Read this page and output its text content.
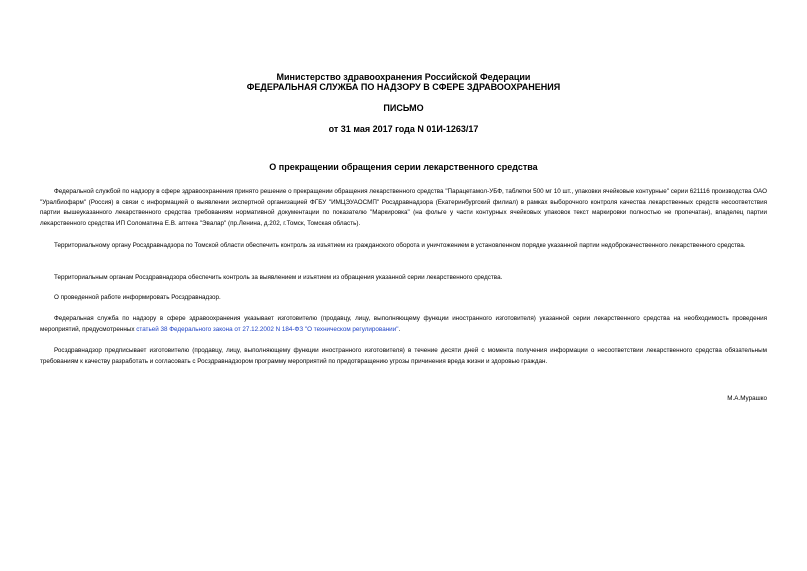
Министерство здравоохранения Российской Федерации
ФЕДЕРАЛЬНАЯ СЛУЖБА ПО НАДЗОРУ В СФЕРЕ ЗДРАВООХРАНЕНИЯ
ПИСЬМО
от 31 мая 2017 года N 01И-1263/17
О прекращении обращения серии лекарственного средства

Федеральной службой по надзору в сфере здравоохранения принято решение о прекращении обращения лекарственного средства "Парацетамол-УБФ, таблетки 500 мг 10 шт., упаковки ячейковые контурные" серии 621116 производства ОАО "Уралбиофарм" (Россия) в связи с информацией о выявлении экспертной организацией ФГБУ "ИМЦЭУАОСМП" Росздравнадзора (Екатеринбургский филиал) в рамках выборочного контроля качества лекарственных средств несоответствия партии вышеуказанного лекарственного средства требованиям нормативной документации по показателю "Маркировка" (на фольге у части контурных ячейковых упаковок текст маркировки полностью не пропечатан), владелец партии лекарственного средства ИП Соломатина Е.В. аптека "Эвалар" (пр.Ленина, д.202, г.Томск, Томская область).

Территориальному органу Росздравнадзора по Томской области обеспечить контроль за изъятием из гражданского оборота и уничтожением в установленном порядке указанной партии недоброкачественного лекарственного средства.

Территориальным органам Росздравнадзора обеспечить контроль за выявлением и изъятием из обращения указанной серии лекарственного средства.

О проведенной работе информировать Росздравнадзор.

Федеральная служба по надзору в сфере здравоохранения указывает изготовителю (продавцу, лицу, выполняющему функции иностранного изготовителя) указанной серии лекарственного средства на необходимость проведения мероприятий, предусмотренных статьей 38 Федерального закона от 27.12.2002 N 184-ФЗ "О техническом регулировании".

Росздравнадзор предписывает изготовителю (продавцу, лицу, выполняющему функции иностранного изготовителя) в течение десяти дней с момента получения информации о несоответствии лекарственного средства обязательным требованиям к качеству разработать и согласовать с Росздравнадзором программу мероприятий по предотвращению угрозы причинения вреда жизни и здоровью граждан.

М.А.Мурашко
